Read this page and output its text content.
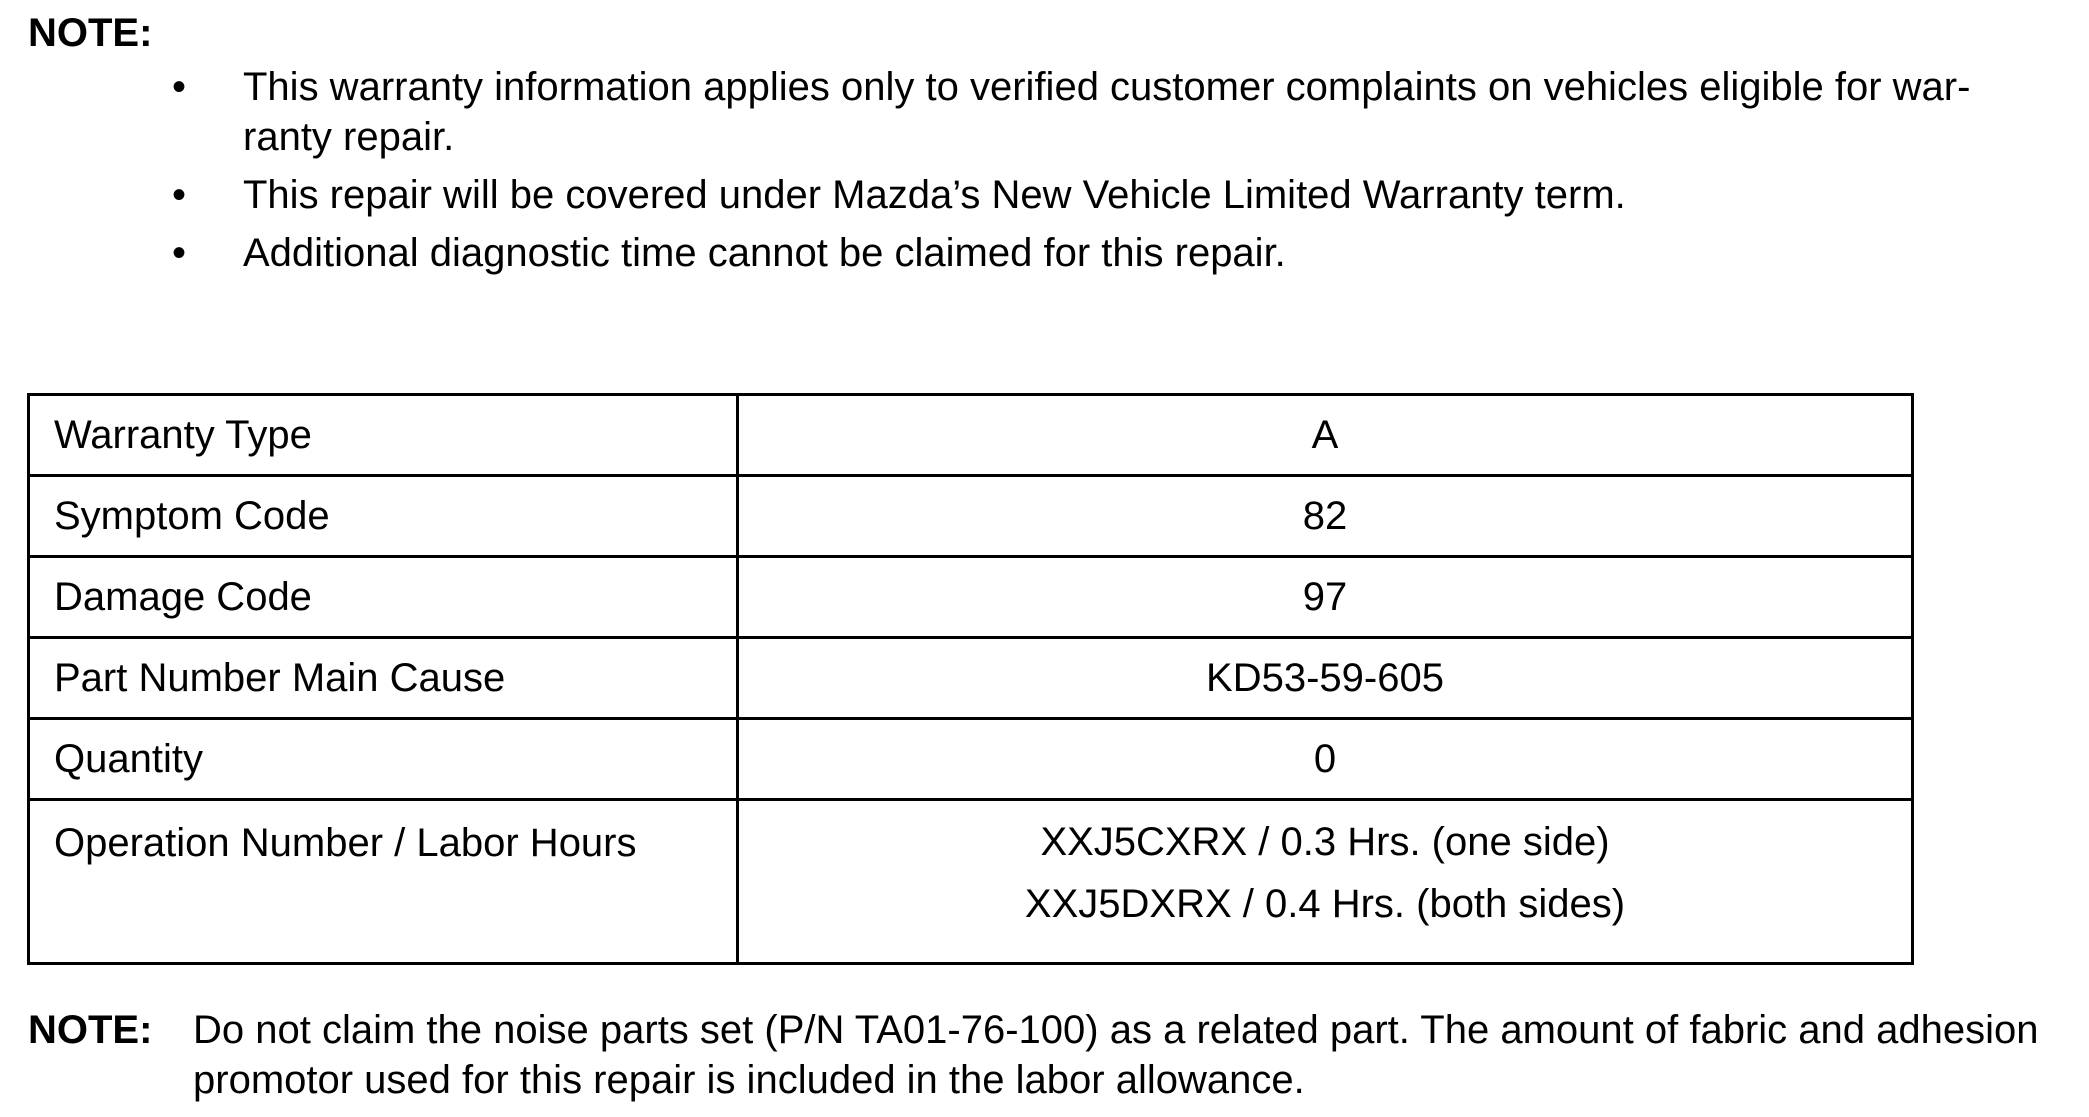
NOTE:
• This warranty information applies only to verified customer complaints on vehicles eligible for warranty repair.
• This repair will be covered under Mazda’s New Vehicle Limited Warranty term.
• Additional diagnostic time cannot be claimed for this repair.
Warranty Type	A
Symptom Code	82
Damage Code	97
Part Number Main Cause	KD53-59-605
Quantity	0
Operation Number / Labor Hours	XXJ5CXRX / 0.3 Hrs. (one side)
XXJ5DXRX / 0.4 Hrs. (both sides)
NOTE: Do not claim the noise parts set (P/N TA01-76-100) as a related part. The amount of fabric and adhesion promotor used for this repair is included in the labor allowance.
